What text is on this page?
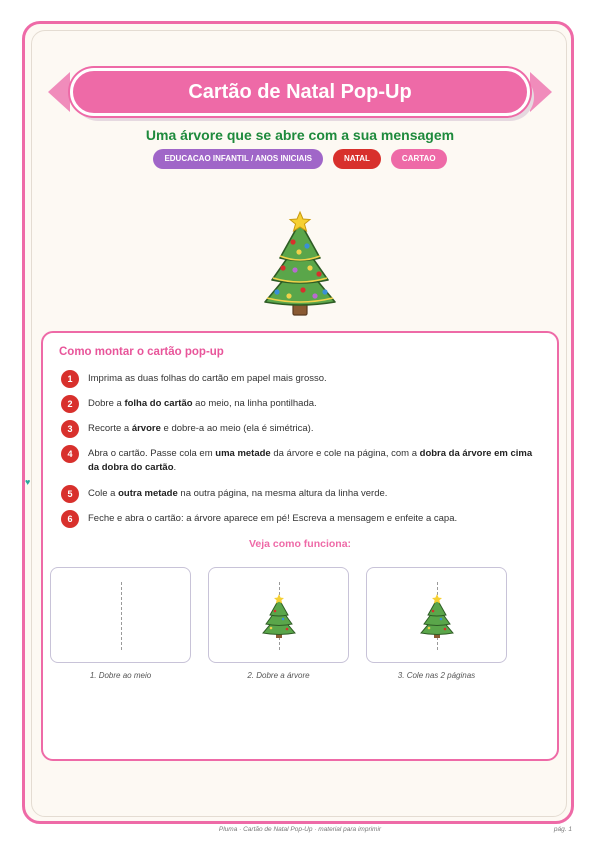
Cartão de Natal Pop-Up
Uma árvore que se abre com a sua mensagem
EDUCACAO INFANTIL / ANOS INICIAIS	NATAL	CARTAO
♥
Como montar o cartão pop-up
1	Imprima as duas folhas do cartão em papel mais grosso.
2	Dobre a folha do cartão ao meio, na linha pontilhada.
3	Recorte a árvore e dobre-a ao meio (ela é simétrica).
4	Abra o cartão. Passe cola em uma metade da árvore e cole na página, com a dobra da árvore em cima da dobra do cartão.
5	Cole a outra metade na outra página, na mesma altura da linha verde.
6	Feche e abra o cartão: a árvore aparece em pé! Escreva a mensagem e enfeite a capa.
Veja como funciona:
1. Dobre ao meio	2. Dobre a árvore	3. Cole nas 2 páginas
Pluma · Cartão de Natal Pop-Up · material para imprimir	pág. 1
